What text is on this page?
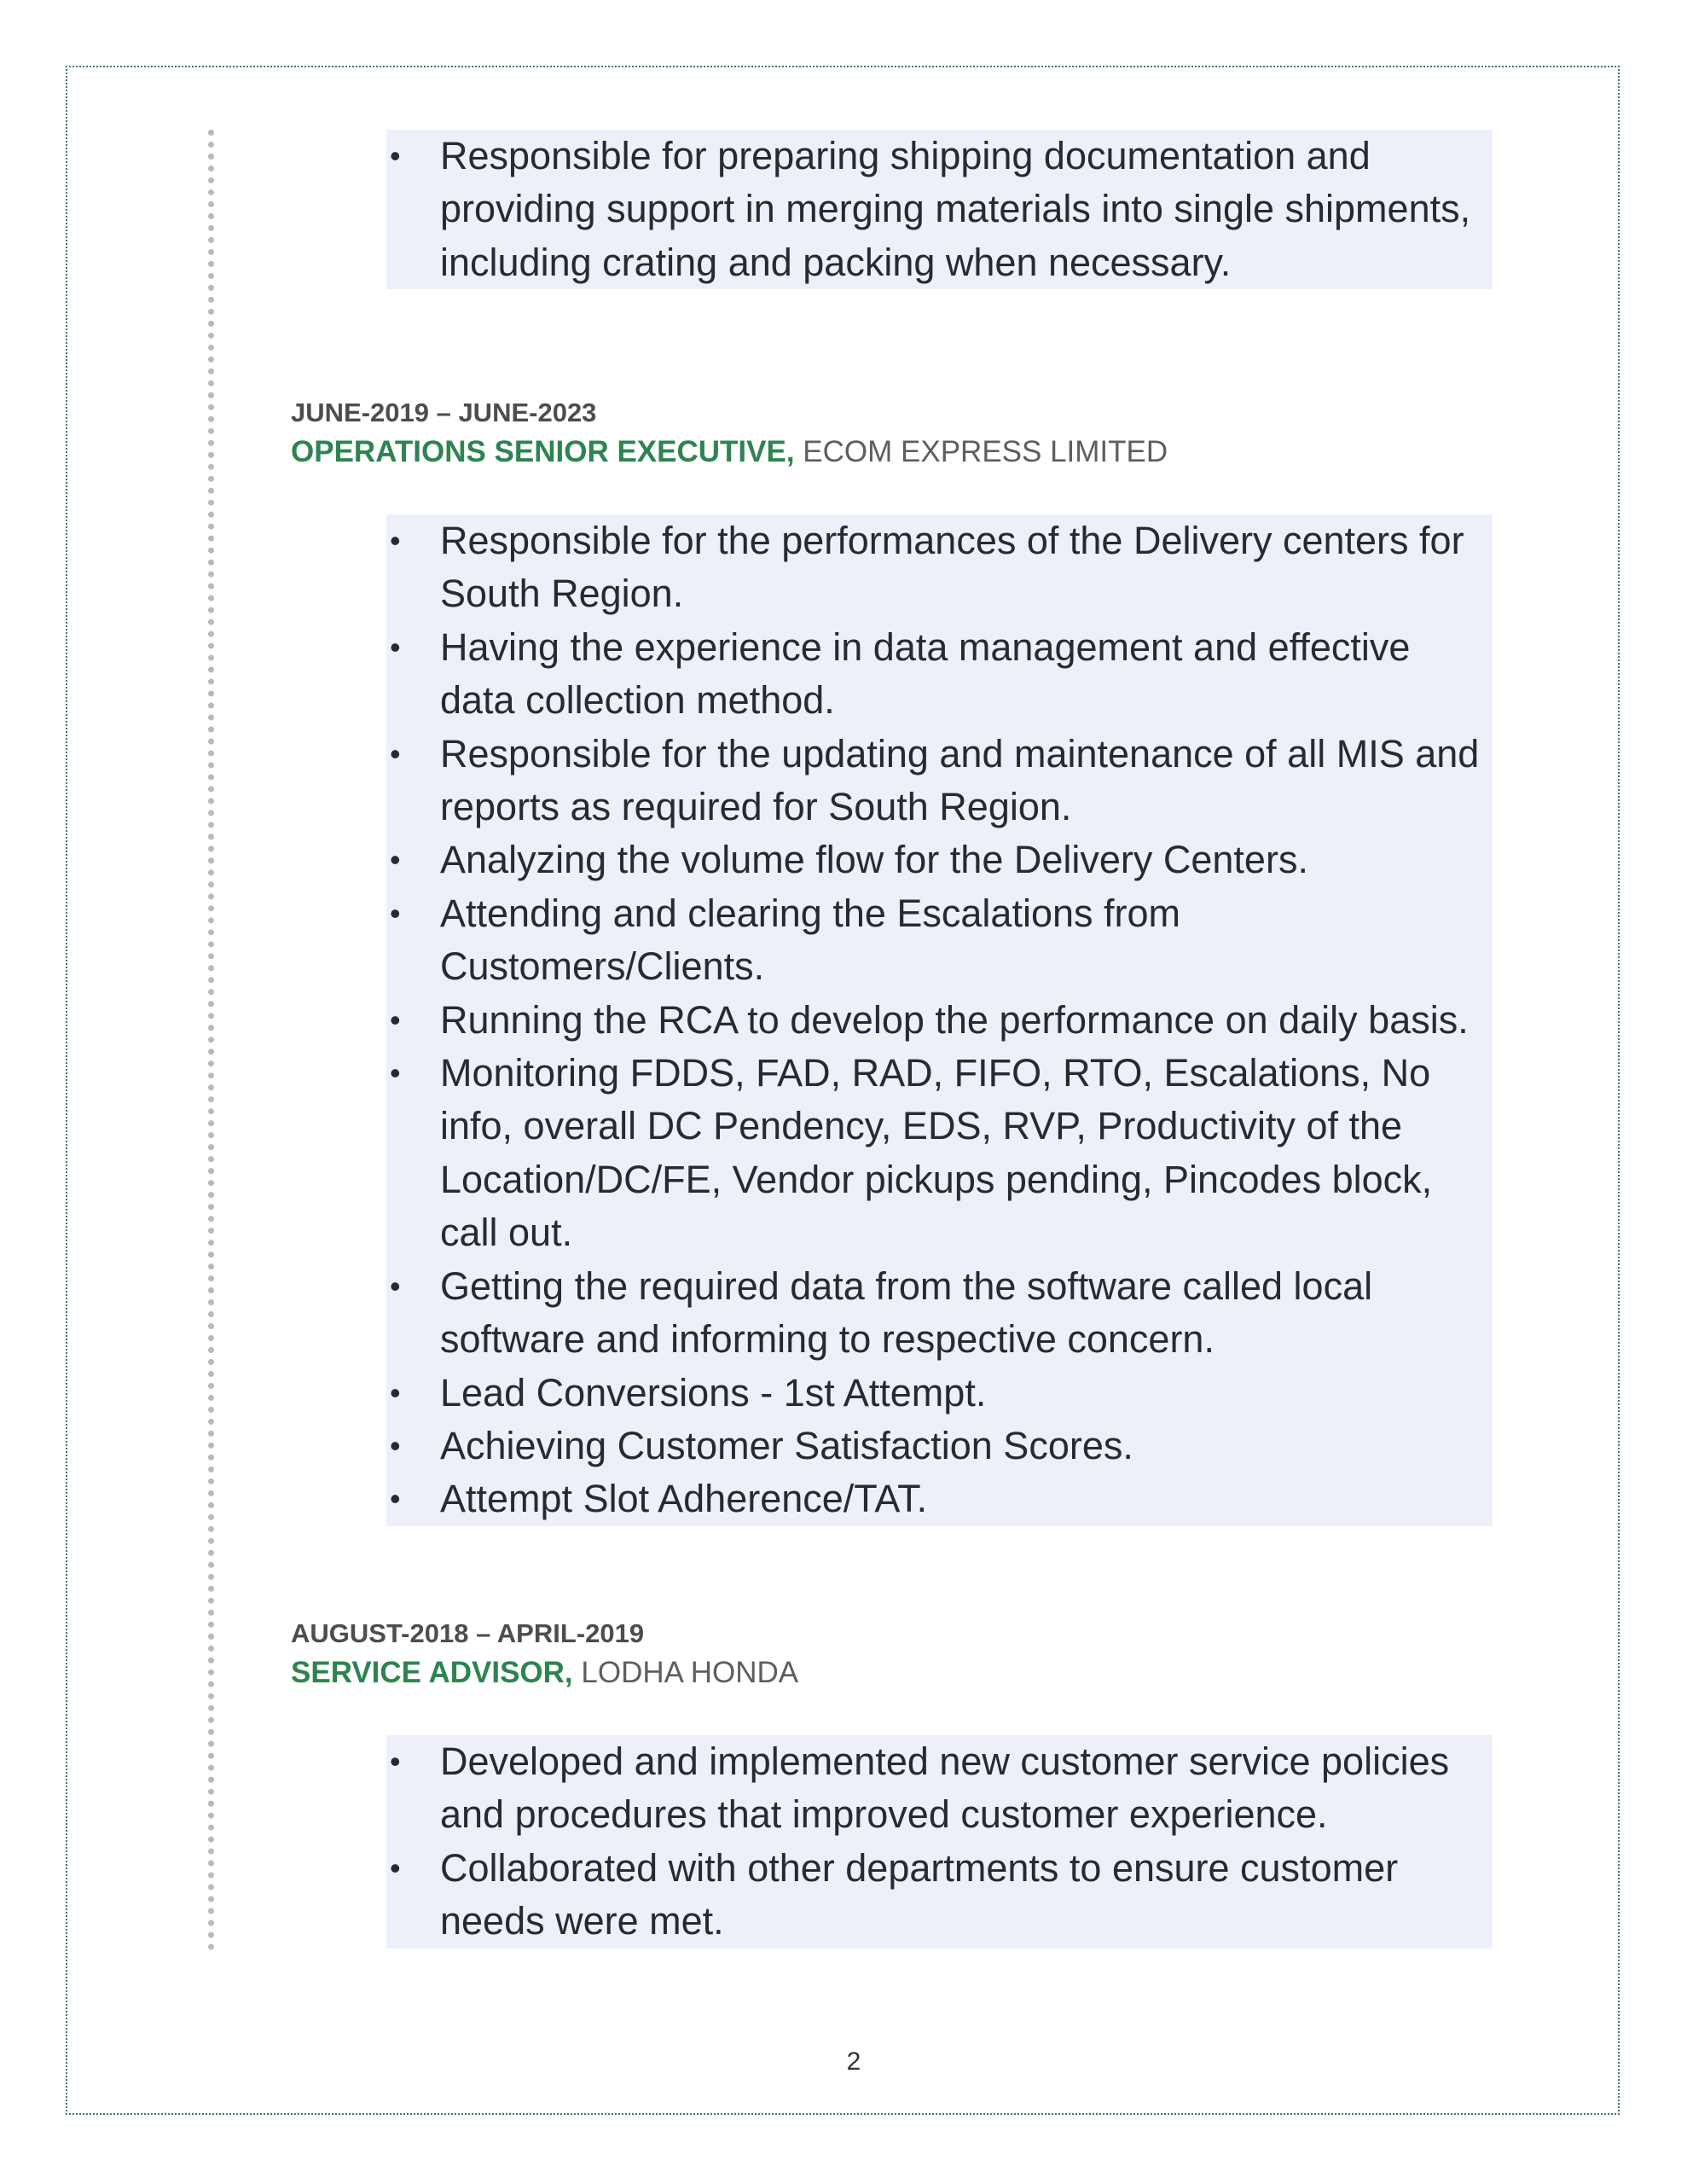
Responsible for preparing shipping documentation and providing support in merging materials into single shipments, including crating and packing when necessary.
JUNE-2019 – JUNE-2023
OPERATIONS SENIOR EXECUTIVE, ECOM EXPRESS LIMITED
Responsible for the performances of the Delivery centers for South Region.
Having the experience in data management and effective data collection method.
Responsible for the updating and maintenance of all MIS and reports as required for South Region.
Analyzing the volume flow for the Delivery Centers.
Attending and clearing the Escalations from Customers/Clients.
Running the RCA to develop the performance on daily basis.
Monitoring FDDS, FAD, RAD, FIFO, RTO, Escalations, No info, overall DC Pendency, EDS, RVP, Productivity of the Location/DC/FE, Vendor pickups pending, Pincodes block, call out.
Getting the required data from the software called local software and informing to respective concern.
Lead Conversions - 1st Attempt.
Achieving Customer Satisfaction Scores.
Attempt Slot Adherence/TAT.
AUGUST-2018 – APRIL-2019
SERVICE ADVISOR, LODHA HONDA
Developed and implemented new customer service policies and procedures that improved customer experience.
Collaborated with other departments to ensure customer needs were met.
2
